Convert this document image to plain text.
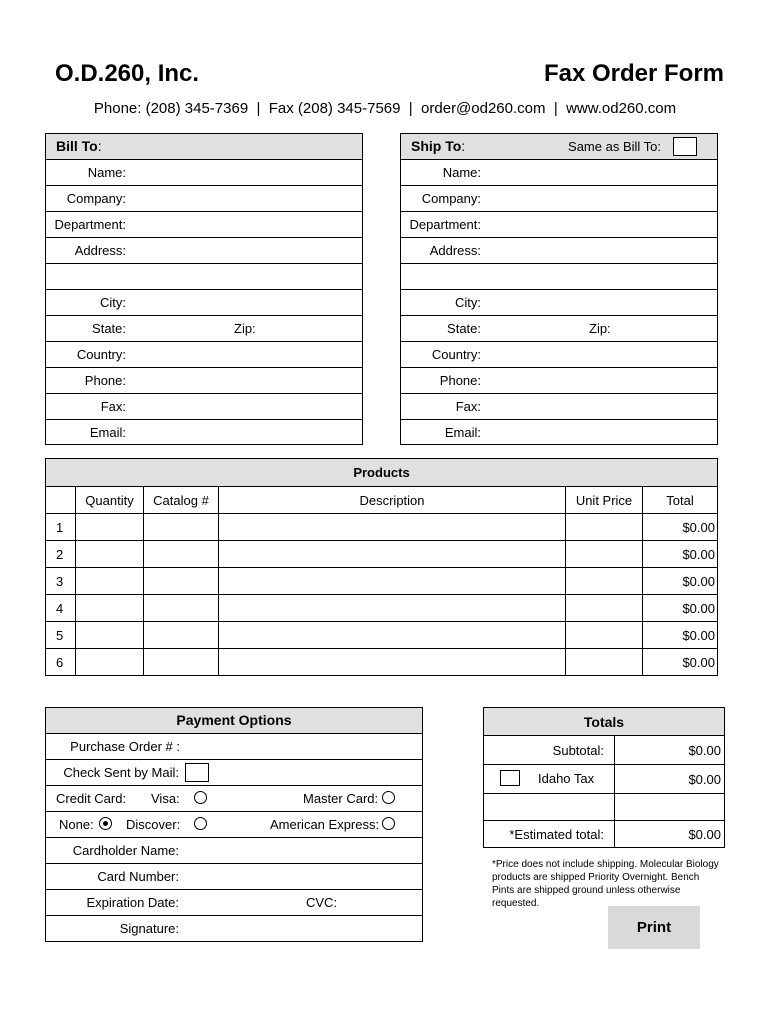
O.D.260, Inc.	Fax Order Form
Phone: (208) 345-7369  |  Fax (208) 345-7569  |  order@od260.com  |  www.od260.com
Bill To:
Name:
Company:
Department:
Address:
City:
State:	Zip:
Country:
Phone:
Fax:
Email:
Ship To:	Same as Bill To:
Name:
Company:
Department:
Address:
City:
State:	Zip:
Country:
Phone:
Fax:
Email:
Products					
	Quantity	Catalog #	Description	Unit Price	Total
1					$0.00
2					$0.00
3					$0.00
4					$0.00
5					$0.00
6					$0.00
Payment Options
Purchase Order # :
Check Sent by Mail:
Credit Card: Visa:	Master Card:
None: Discover:	American Express:
Cardholder Name:
Card Number:
Expiration Date:	CVC:
Signature:
Totals	
Subtotal:	$0.00

Idaho Tax	$0.00

*Estimated total:	$0.00
*Price does not include shipping. Molecular Biology products are shipped Priority Overnight. Bench Pints are shipped ground unless otherwise requested.
Print
